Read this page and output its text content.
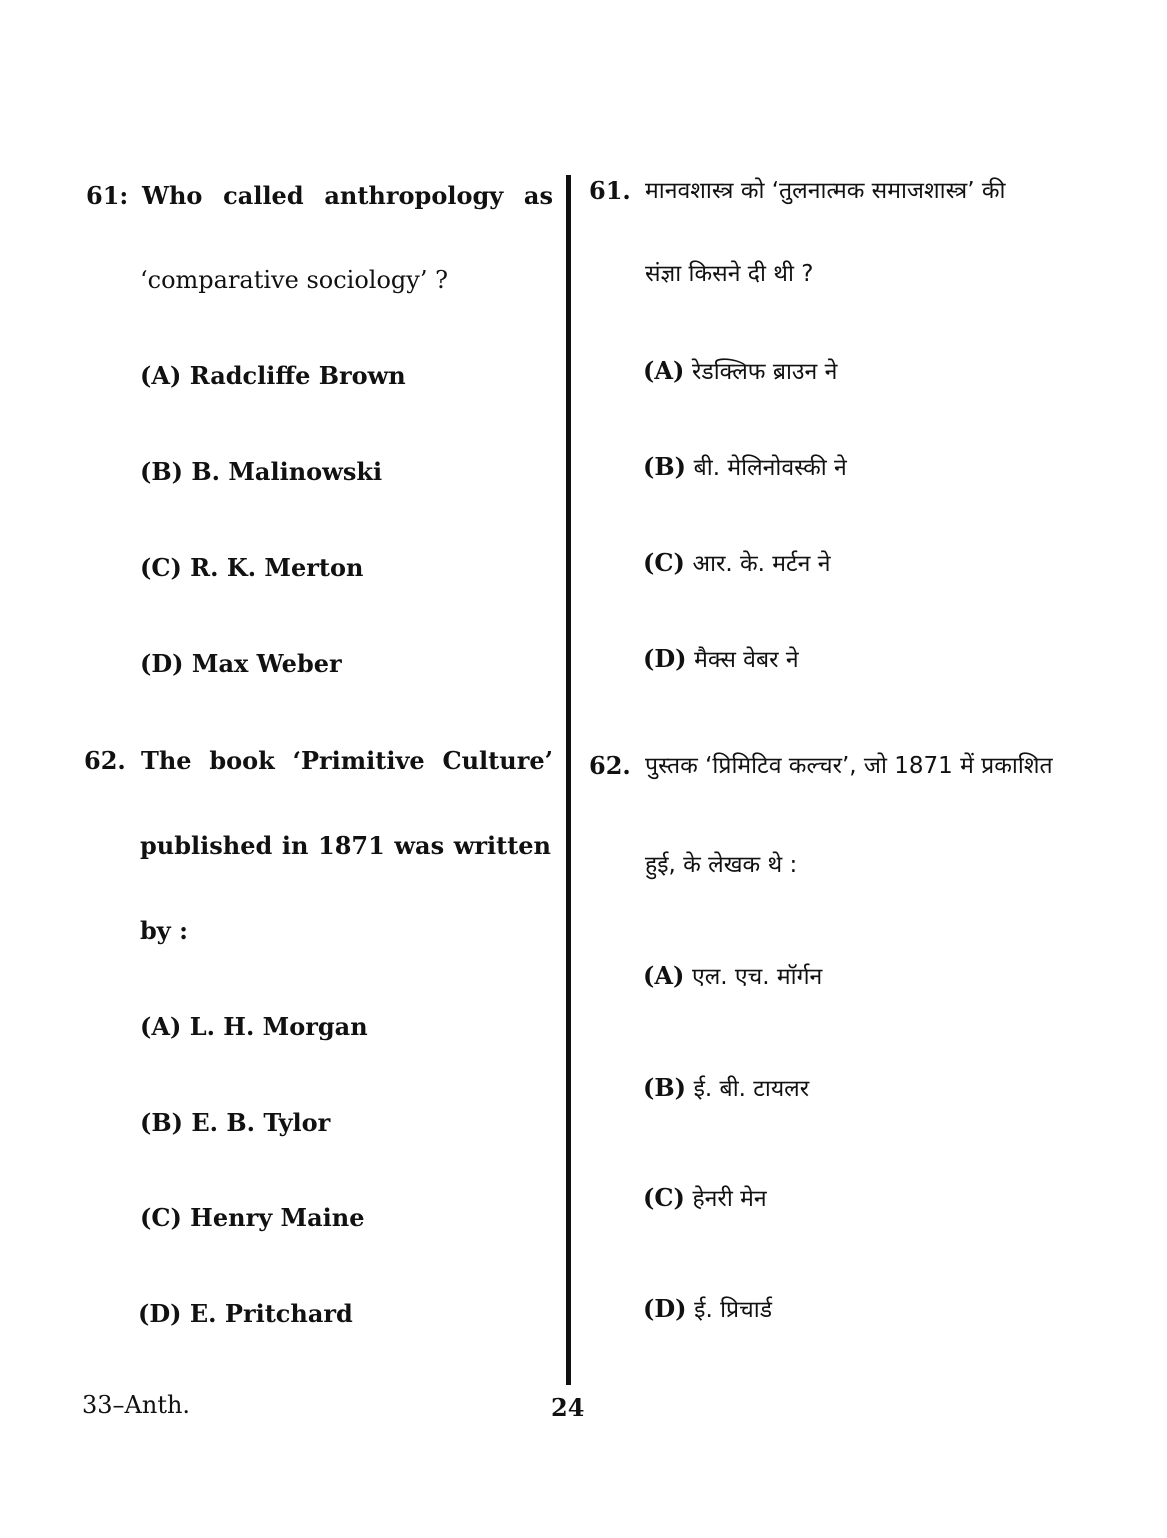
61: Who called anthropology as
‘comparative sociology’ ?
(A) Radcliffe Brown
(B) B. Malinowski
(C) R. K. Merton
(D) Max Weber
62. The book ‘Primitive Culture’
published in 1871 was written
by :
(A) L. H. Morgan
(B) E. B. Tylor
(C) Henry Maine
(D) E. Pritchard
61. मानवशास्त्र को ‘तुलनात्मक समाजशास्त्र’ की
संज्ञा किसने दी थी ?
(A) रेडक्लिफ ब्राउन ने
(B) बी. मेलिनोवस्की ने
(C) आर. के. मर्टन ने
(D) मैक्स वेबर ने
62. पुस्तक ‘प्रिमिटिव कल्चर’, जो 1871 में प्रकाशित
हुई, के लेखक थे :
(A) एल. एच. मॉर्गन
(B) ई. बी. टायलर
(C) हेनरी मेन
(D) ई. प्रिचार्ड
33–Anth.	24
